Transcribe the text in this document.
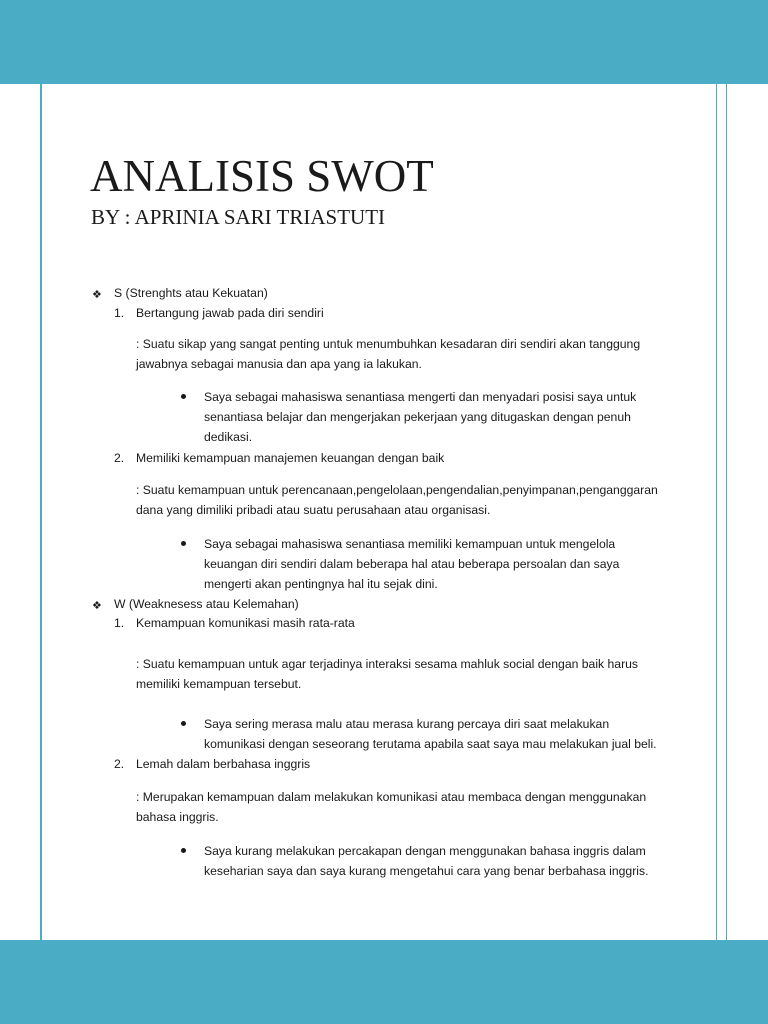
ANALISIS SWOT
BY : APRINIA SARI TRIASTUTI
❖ S (Strenghts atau Kekuatan)
1. Bertangung jawab pada diri sendiri
: Suatu sikap yang sangat penting untuk menumbuhkan kesadaran diri sendiri akan tanggung
jawabnya sebagai manusia dan apa yang ia lakukan.
Saya sebagai mahasiswa senantiasa mengerti dan menyadari posisi saya untuk
senantiasa belajar dan mengerjakan pekerjaan yang ditugaskan dengan penuh
dedikasi.
2. Memiliki kemampuan manajemen keuangan dengan baik
: Suatu kemampuan untuk perencanaan,pengelolaan,pengendalian,penyimpanan,penganggaran
dana yang dimiliki pribadi atau suatu perusahaan atau organisasi.
Saya sebagai mahasiswa senantiasa memiliki kemampuan untuk mengelola
keuangan diri sendiri dalam beberapa hal atau beberapa persoalan dan saya
mengerti akan pentingnya hal itu sejak dini.
❖ W (Weaknesess atau Kelemahan)
1. Kemampuan komunikasi masih rata-rata
: Suatu kemampuan untuk agar terjadinya interaksi sesama mahluk social dengan baik harus
memiliki kemampuan tersebut.
Saya sering merasa malu atau merasa kurang percaya diri saat melakukan
komunikasi dengan seseorang terutama apabila saat saya mau melakukan jual beli.
2. Lemah dalam berbahasa inggris
: Merupakan kemampuan dalam melakukan komunikasi atau membaca dengan menggunakan
bahasa inggris.
Saya kurang melakukan percakapan dengan menggunakan bahasa inggris dalam
keseharian saya dan saya kurang mengetahui cara yang benar berbahasa inggris.
